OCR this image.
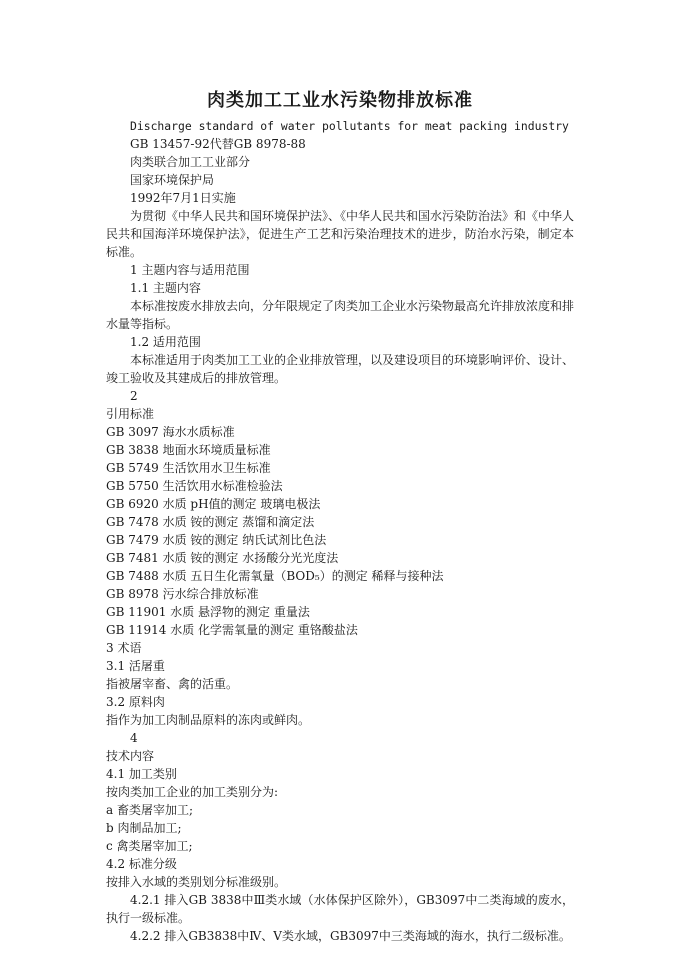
肉类加工工业水污染物排放标准
Discharge standard of water pollutants for meat packing industry
GB 13457-92代替GB 8978-88
肉类联合加工工业部分
国家环境保护局
1992年7月1日实施
为贯彻《中华人民共和国环境保护法》、《中华人民共和国水污染防治法》和《中华人民共和国海洋环境保护法》，促进生产工艺和污染治理技术的进步，防治水污染，制定本标准。
1 主题内容与适用范围
1.1 主题内容
本标准按废水排放去向，分年限规定了肉类加工企业水污染物最高允许排放浓度和排水量等指标。
1.2 适用范围
本标准适用于肉类加工工业的企业排放管理，以及建设项目的环境影响评价、设计、竣工验收及其建成后的排放管理。
2
引用标准
GB 3097 海水水质标准
GB 3838 地面水环境质量标准
GB 5749 生活饮用水卫生标准
GB 5750 生活饮用水标准检验法
GB 6920 水质 pH值的测定 玻璃电极法
GB 7478 水质 铵的测定 蒸馏和滴定法
GB 7479 水质 铵的测定 纳氏试剂比色法
GB 7481 水质 铵的测定 水扬酸分光光度法
GB 7488 水质 五日生化需氧量（BOD₅）的测定 稀释与接种法
GB 8978 污水综合排放标准
GB 11901 水质 悬浮物的测定 重量法
GB 11914 水质 化学需氧量的测定 重铬酸盐法
3 术语
3.1 活屠重
指被屠宰畜、禽的活重。
3.2 原料肉
指作为加工肉制品原料的冻肉或鲜肉。
4
技术内容
4.1 加工类别
按肉类加工企业的加工类别分为:
a 畜类屠宰加工;
b 肉制品加工;
c 禽类屠宰加工;
4.2 标准分级
按排入水域的类别划分标准级别。
4.2.1 排入GB 3838中Ⅲ类水域（水体保护区除外），GB3097中二类海域的废水，执行一级标准。
4.2.2 排入GB3838中Ⅳ、Ⅴ类水域，GB3097中三类海域的海水，执行二级标准。
